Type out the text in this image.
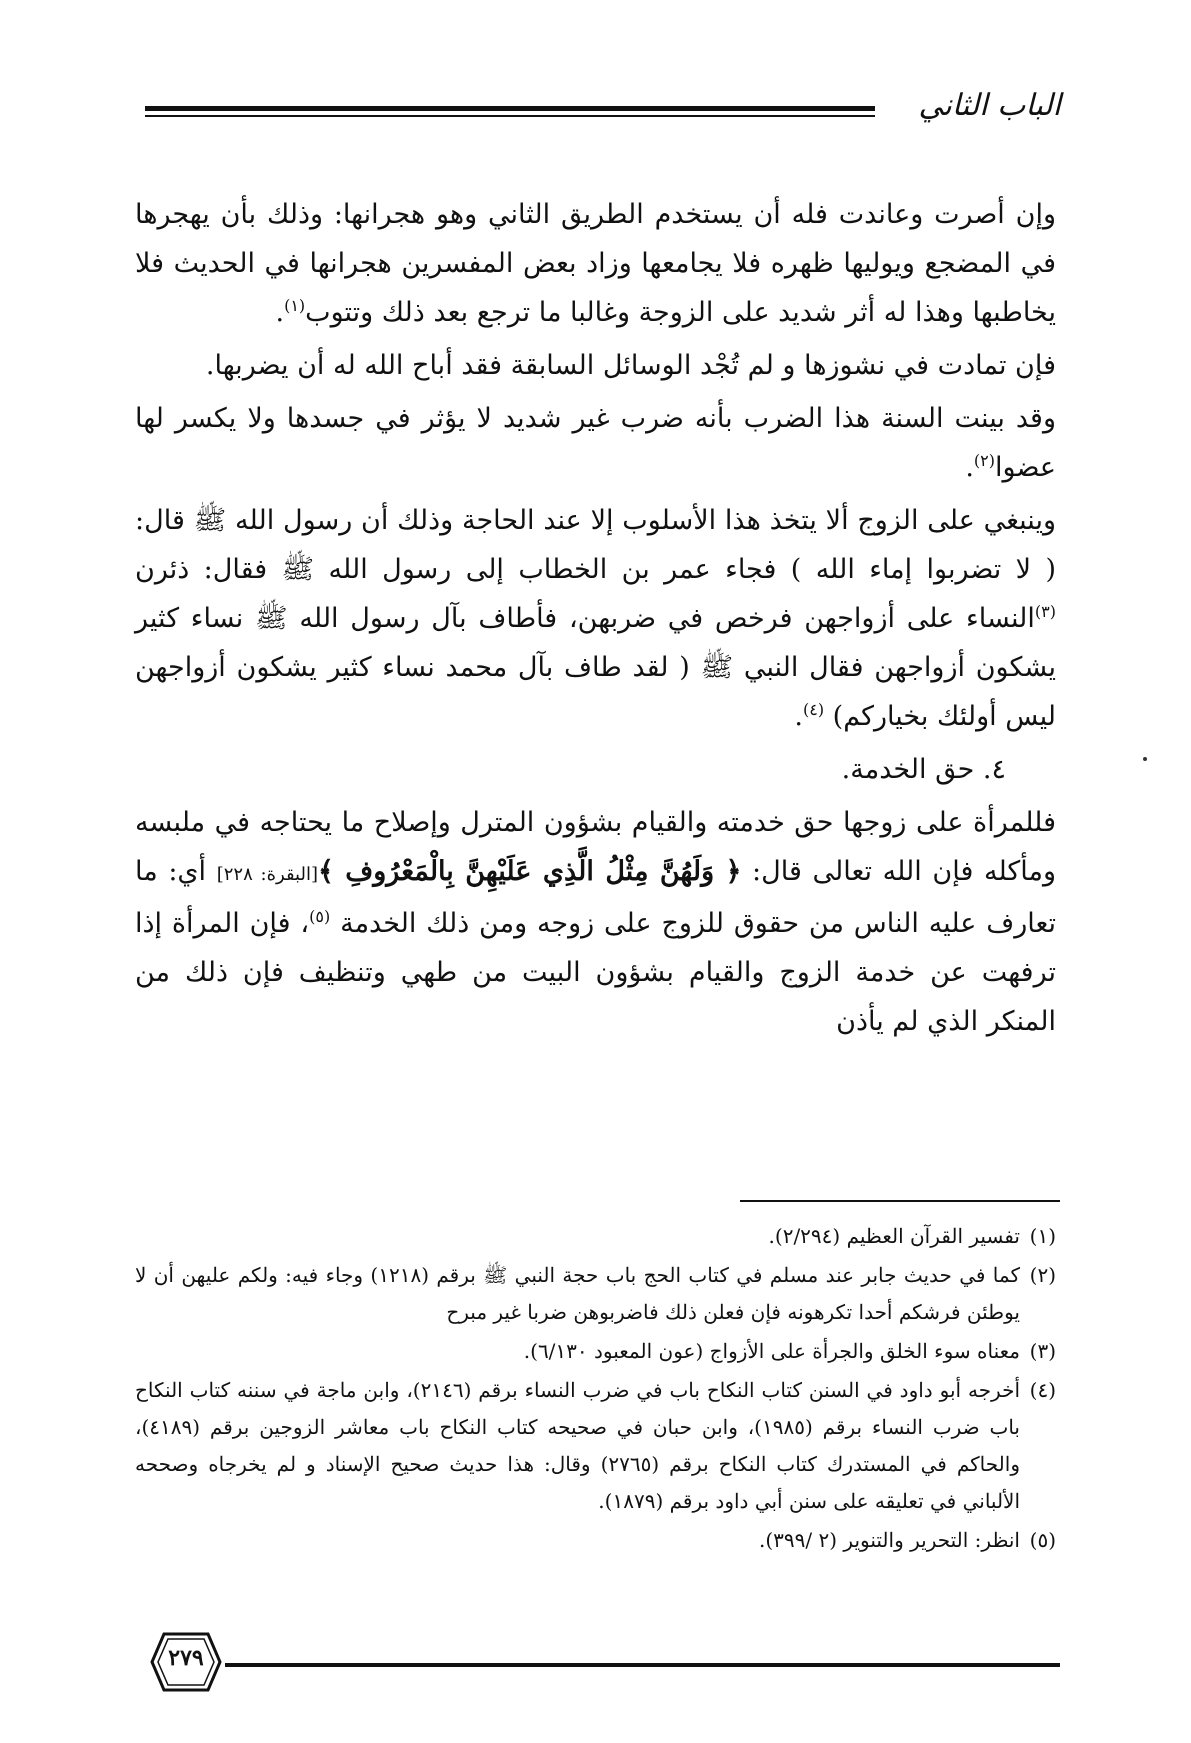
الباب الثاني

وإن أصرت وعاندت فله أن يستخدم الطريق الثاني وهو هجرانها: وذلك بأن يهجرها في المضجع ويوليها ظهره فلا يجامعها وزاد بعض المفسرين هجرانها في الحديث فلا يخاطبها وهذا له أثر شديد على الزوجة وغالبا ما ترجع بعد ذلك وتتوب$^{(١)}$.

فإن تمادت في نشوزها و لم تُجْد الوسائل السابقة فقد أباح الله له أن يضربها.

وقد بينت السنة هذا الضرب بأنه ضرب غير شديد لا يؤثر في جسدها ولا يكسر لها عضوا$^{(٢)}$.

وينبغي على الزوج ألا يتخذ هذا الأسلوب إلا عند الحاجة وذلك أن رسول الله ﷺ قال: ( لا تضربوا إماء الله ) فجاء عمر بن الخطاب إلى رسول الله ﷺ فقال: ذئرن $^{(٣)}$النساء على أزواجهن فرخص في ضربهن، فأطاف بآل رسول الله ﷺ نساء كثير يشكون أزواجهن فقال النبي ﷺ ( لقد طاف بآل محمد نساء كثير يشكون أزواجهن ليس أولئك بخياركم) $^{(٤)}$.

٤. حق الخدمة.

فللمرأة على زوجها حق خدمته والقيام بشؤون المترل وإصلاح ما يحتاجه في ملبسه ومأكله فإن الله تعالى قال: ﴿ وَلَهُنَّ مِثْلُ الَّذِي عَلَيْهِنَّ بِالْمَعْرُوفِ ﴾[البقرة: ٢٢٨] أي: ما تعارف عليه الناس من حقوق للزوج على زوجه ومن ذلك الخدمة $^{(٥)}$، فإن المرأة إذا ترفهت عن خدمة الزوج والقيام بشؤون البيت من طهي وتنظيف فإن ذلك من المنكر الذي لم يأذن

(١)تفسير القرآن العظيم (٢/٢٩٤).
(٢)كما في حديث جابر عند مسلم في كتاب الحج باب حجة النبي ﷺ برقم (١٢١٨) وجاء فيه: ولكم عليهن أن لا يوطئن فرشكم أحدا تكرهونه فإن فعلن ذلك فاضربوهن ضربا غير مبرح
(٣)معناه سوء الخلق والجرأة على الأزواج (عون المعبود ٦/١٣٠).
(٤)أخرجه أبو داود في السنن كتاب النكاح باب في ضرب النساء برقم (٢١٤٦)، وابن ماجة في سننه كتاب النكاح باب ضرب النساء برقم (١٩٨٥)، وابن حبان في صحيحه كتاب النكاح باب معاشر الزوجين برقم (٤١٨٩)، والحاكم في المستدرك كتاب النكاح برقم (٢٧٦٥) وقال: هذا حديث صحيح الإسناد و لم يخرجاه وصححه الألباني في تعليقه على سنن أبي داود برقم (١٨٧٩).
(٥)انظر: التحرير والتنوير (٢ /٣٩٩).
٢٧٩
